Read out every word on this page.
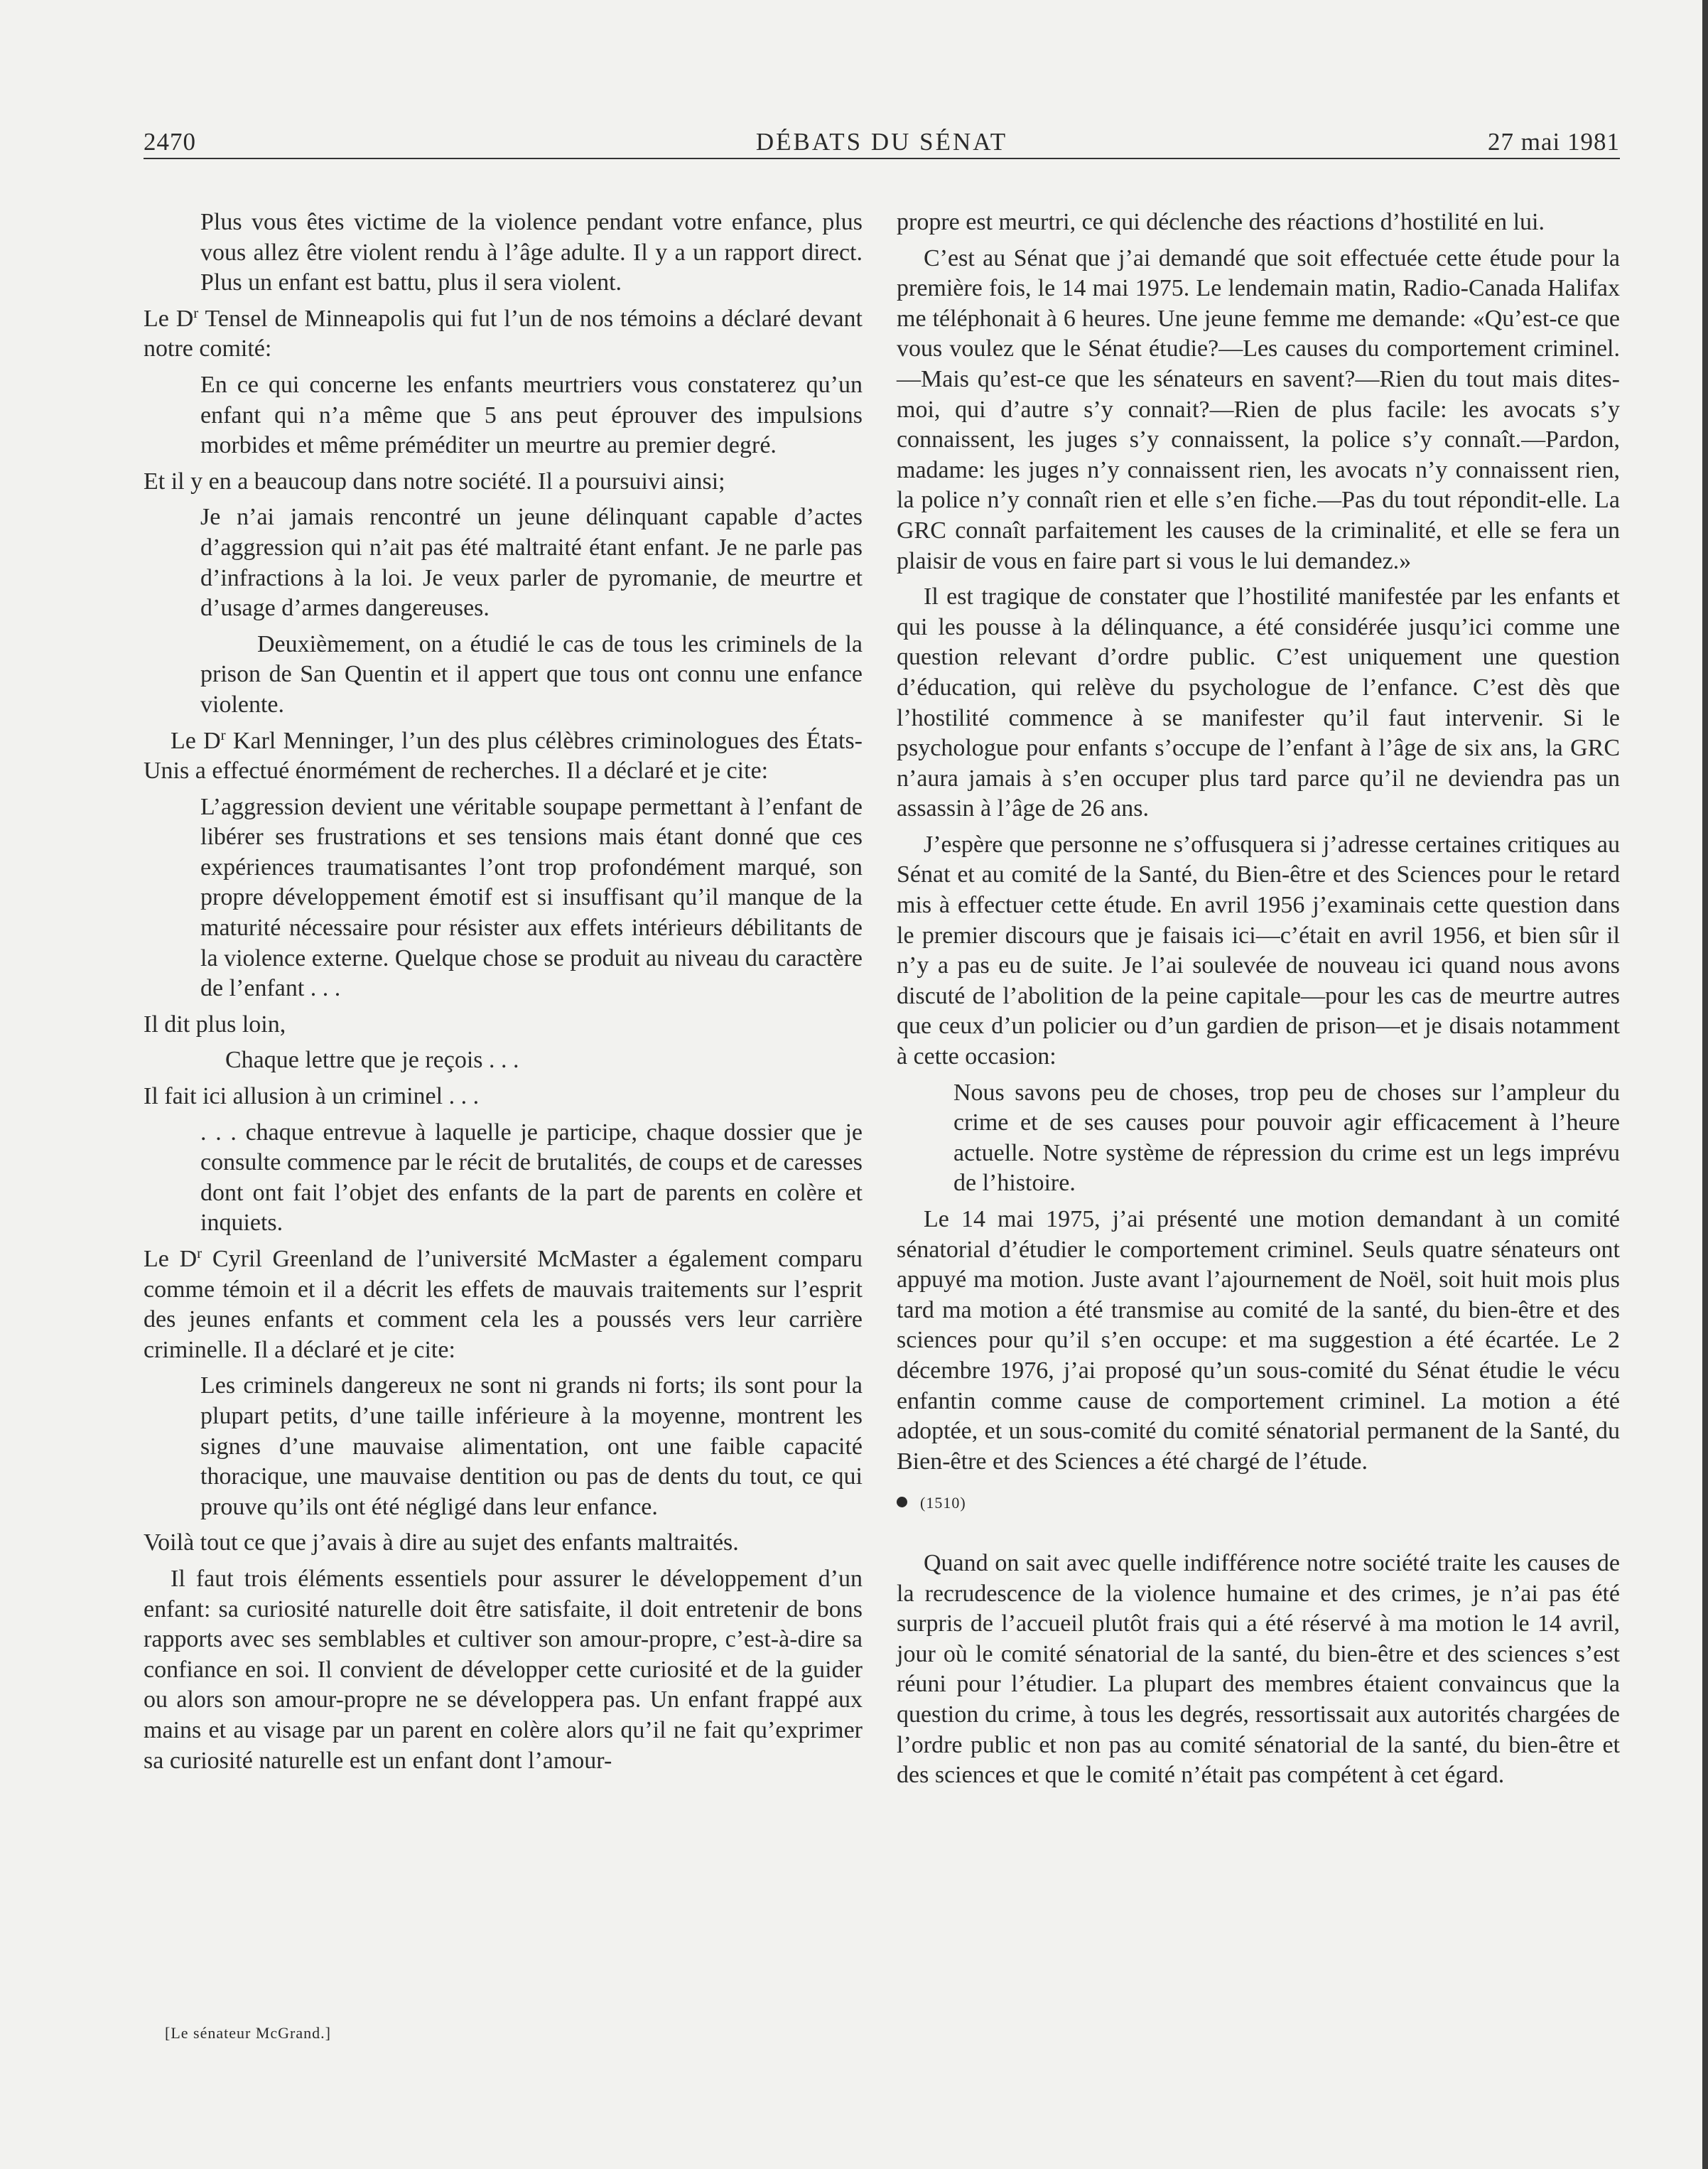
2470	DÉBATS DU SÉNAT	27 mai 1981

Plus vous êtes victime de la violence pendant votre enfance, plus vous allez être violent rendu à l’âge adulte. Il y a un rapport direct. Plus un enfant est battu, plus il sera violent.

Le $D^r$ Tensel de Minneapolis qui fut l’un de nos témoins a déclaré devant notre comité:

En ce qui concerne les enfants meurtriers vous constaterez qu’un enfant qui n’a même que 5 ans peut éprouver des impulsions morbides et même préméditer un meurtre au premier degré.

Et il y en a beaucoup dans notre société. Il a poursuivi ainsi;

Je n’ai jamais rencontré un jeune délinquant capable d’actes d’aggression qui n’ait pas été maltraité étant enfant. Je ne parle pas d’infractions à la loi. Je veux parler de pyromanie, de meurtre et d’usage d’armes dangereuses.

Deuxièmement, on a étudié le cas de tous les criminels de la prison de San Quentin et il appert que tous ont connu une enfance violente.

Le $D^r$ Karl Menninger, l’un des plus célèbres criminologues des États-Unis a effectué énormément de recherches. Il a déclaré et je cite:

L’aggression devient une véritable soupape permettant à l’enfant de libérer ses frustrations et ses tensions mais étant donné que ces expériences traumatisantes l’ont trop profondément marqué, son propre développement émotif est si insuffisant qu’il manque de la maturité nécessaire pour résister aux effets intérieurs débilitants de la violence externe. Quelque chose se produit au niveau du caractère de l’enfant . . .

Il dit plus loin,

Chaque lettre que je reçois . . .

Il fait ici allusion à un criminel . . .

. . . chaque entrevue à laquelle je participe, chaque dossier que je consulte commence par le récit de brutalités, de coups et de caresses dont ont fait l’objet des enfants de la part de parents en colère et inquiets.

Le $D^r$ Cyril Greenland de l’université McMaster a également comparu comme témoin et il a décrit les effets de mauvais traitements sur l’esprit des jeunes enfants et comment cela les a poussés vers leur carrière criminelle. Il a déclaré et je cite:

Les criminels dangereux ne sont ni grands ni forts; ils sont pour la plupart petits, d’une taille inférieure à la moyenne, montrent les signes d’une mauvaise alimentation, ont une faible capacité thoracique, une mauvaise dentition ou pas de dents du tout, ce qui prouve qu’ils ont été négligé dans leur enfance.

Voilà tout ce que j’avais à dire au sujet des enfants maltraités.

Il faut trois éléments essentiels pour assurer le développement d’un enfant: sa curiosité naturelle doit être satisfaite, il doit entretenir de bons rapports avec ses semblables et cultiver son amour-propre, c’est-à-dire sa confiance en soi. Il convient de développer cette curiosité et de la guider ou alors son amour-propre ne se développera pas. Un enfant frappé aux mains et au visage par un parent en colère alors qu’il ne fait qu’exprimer sa curiosité naturelle est un enfant dont l’amour-

propre est meurtri, ce qui déclenche des réactions d’hostilité en lui.

C’est au Sénat que j’ai demandé que soit effectuée cette étude pour la première fois, le 14 mai 1975. Le lendemain matin, Radio-Canada Halifax me téléphonait à 6 heures. Une jeune femme me demande: «Qu’est-ce que vous voulez que le Sénat étudie?—Les causes du comportement criminel.—Mais qu’est-ce que les sénateurs en savent?—Rien du tout mais dites-moi, qui d’autre s’y connait?—Rien de plus facile: les avocats s’y connaissent, les juges s’y connaissent, la police s’y connaît.—Pardon, madame: les juges n’y connaissent rien, les avocats n’y connaissent rien, la police n’y connaît rien et elle s’en fiche.—Pas du tout répondit-elle. La GRC connaît parfaitement les causes de la criminalité, et elle se fera un plaisir de vous en faire part si vous le lui demandez.»

Il est tragique de constater que l’hostilité manifestée par les enfants et qui les pousse à la délinquance, a été considérée jusqu’ici comme une question relevant d’ordre public. C’est uniquement une question d’éducation, qui relève du psychologue de l’enfance. C’est dès que l’hostilité commence à se manifester qu’il faut intervenir. Si le psychologue pour enfants s’occupe de l’enfant à l’âge de six ans, la GRC n’aura jamais à s’en occuper plus tard parce qu’il ne deviendra pas un assassin à l’âge de 26 ans.

J’espère que personne ne s’offusquera si j’adresse certaines critiques au Sénat et au comité de la Santé, du Bien-être et des Sciences pour le retard mis à effectuer cette étude. En avril 1956 j’examinais cette question dans le premier discours que je faisais ici—c’était en avril 1956, et bien sûr il n’y a pas eu de suite. Je l’ai soulevée de nouveau ici quand nous avons discuté de l’abolition de la peine capitale—pour les cas de meurtre autres que ceux d’un policier ou d’un gardien de prison—et je disais notamment à cette occasion:

Nous savons peu de choses, trop peu de choses sur l’ampleur du crime et de ses causes pour pouvoir agir efficacement à l’heure actuelle. Notre système de répression du crime est un legs imprévu de l’histoire.

Le 14 mai 1975, j’ai présenté une motion demandant à un comité sénatorial d’étudier le comportement criminel. Seuls quatre sénateurs ont appuyé ma motion. Juste avant l’ajournement de Noël, soit huit mois plus tard ma motion a été transmise au comité de la santé, du bien-être et des sciences pour qu’il s’en occupe: et ma suggestion a été écartée. Le 2 décembre 1976, j’ai proposé qu’un sous-comité du Sénat étudie le vécu enfantin comme cause de comportement criminel. La motion a été adoptée, et un sous-comité du comité sénatorial permanent de la Santé, du Bien-être et des Sciences a été chargé de l’étude.

(1510)

Quand on sait avec quelle indifférence notre société traite les causes de la recrudescence de la violence humaine et des crimes, je n’ai pas été surpris de l’accueil plutôt frais qui a été réservé à ma motion le 14 avril, jour où le comité sénatorial de la santé, du bien-être et des sciences s’est réuni pour l’étudier. La plupart des membres étaient convaincus que la question du crime, à tous les degrés, ressortissait aux autorités chargées de l’ordre public et non pas au comité sénatorial de la santé, du bien-être et des sciences et que le comité n’était pas compétent à cet égard.

[Le sénateur McGrand.]
